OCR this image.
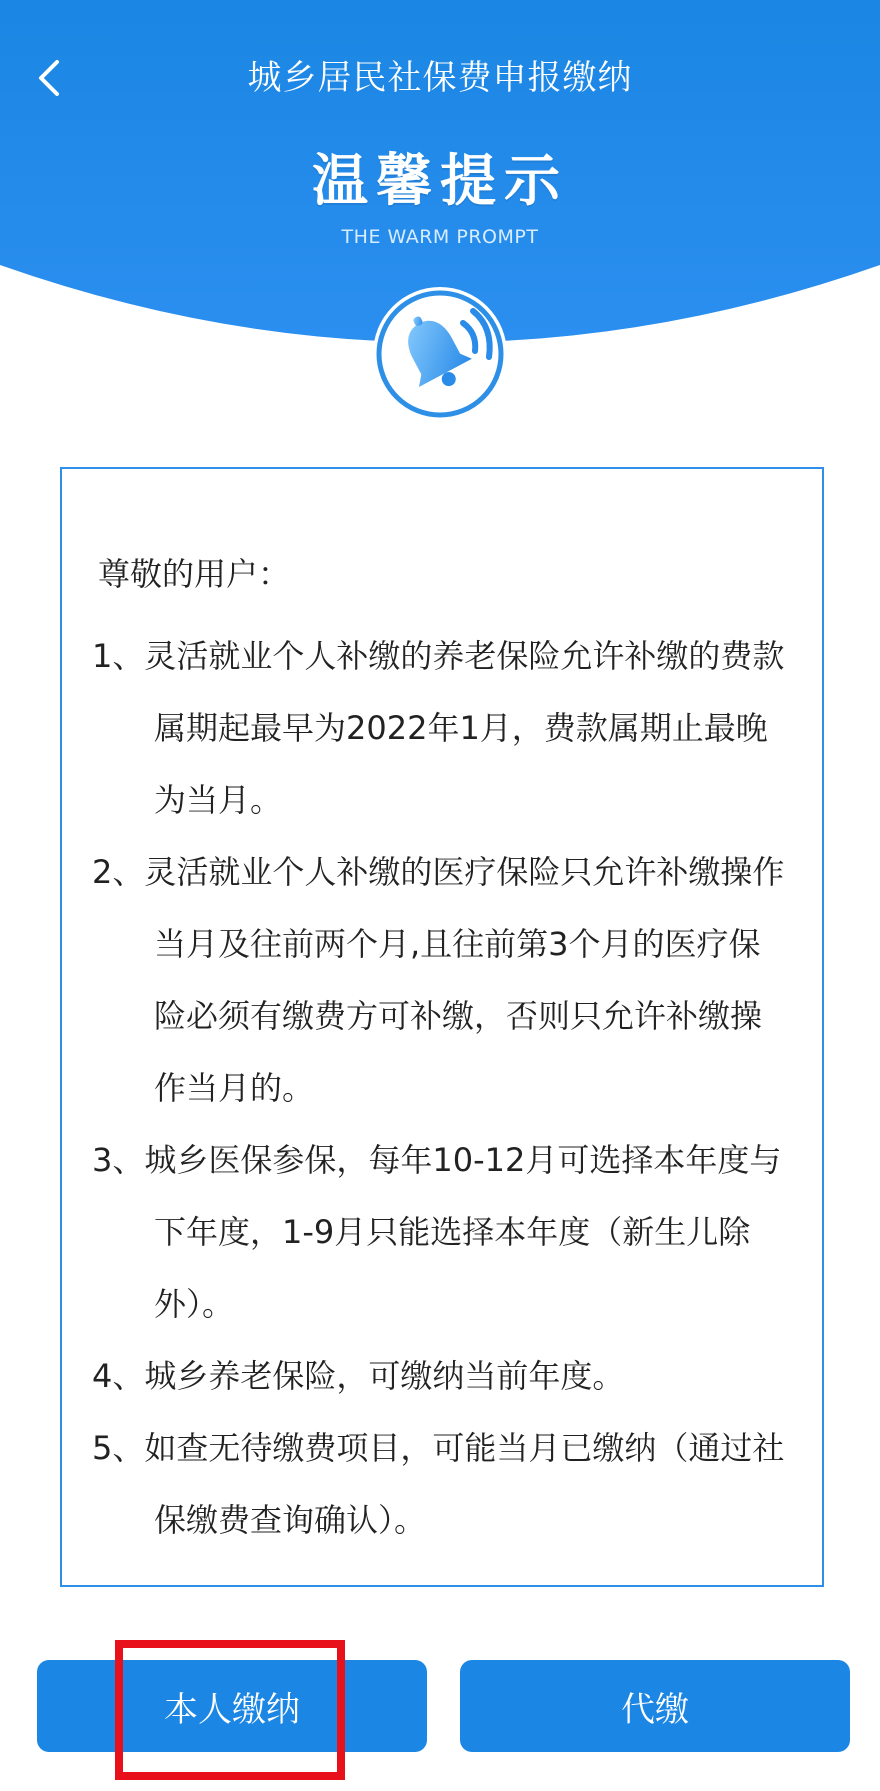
城乡居民社保费申报缴纳
温馨提示
THE WARM PROMPT
尊敬的用户：
1、灵活就业个人补缴的养老保险允许补缴的费款属期起最早为2022年1月，费款属期止最晚为当月。
2、灵活就业个人补缴的医疗保险只允许补缴操作当月及往前两个月,且往前第3个月的医疗保险必须有缴费方可补缴，否则只允许补缴操作当月的。
3、城乡医保参保，每年10-12月可选择本年度与下年度，1-9月只能选择本年度（新生儿除外）。
4、城乡养老保险，可缴纳当前年度。
5、如查无待缴费项目，可能当月已缴纳（通过社保缴费查询确认）。
本人缴纳	代缴
